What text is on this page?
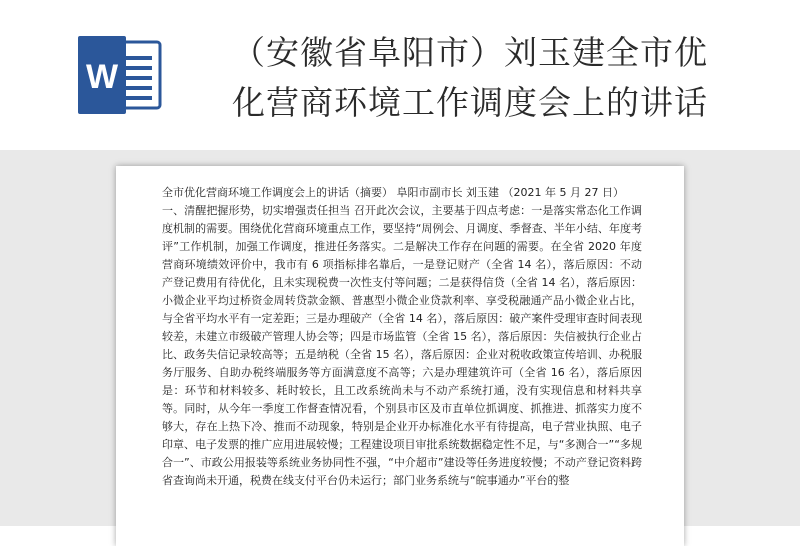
W
（安徽省阜阳市）刘玉建全市优
化营商环境工作调度会上的讲话

全市优化营商环境工作调度会上的讲话（摘要） 阜阳市副市长 刘玉建 （2021 年 5 月 27 日）

一、清醒把握形势，切实增强责任担当 召开此次会议，主要基于四点考虑：一是落实常态化工作调度机制的需要。围绕优化营商环境重点工作，要坚持“周例会、月调度、季督查、半年小结、年度考评”工作机制，加强工作调度，推进任务落实。二是解决工作存在问题的需要。在全省 2020 年度营商环境绩效评价中，我市有 6 项指标排名靠后，一是登记财产（全省 14 名），落后原因：不动产登记费用有待优化，且未实现税费一次性支付等问题；二是获得信贷（全省 14 名），落后原因：小微企业平均过桥资金周转贷款金额、普惠型小微企业贷款利率、享受税融通产品小微企业占比，与全省平均水平有一定差距；三是办理破产（全省 14 名），落后原因：破产案件受理审查时间表现较差，未建立市级破产管理人协会等；四是市场监管（全省 15 名），落后原因：失信被执行企业占比、政务失信记录较高等；五是纳税（全省 15 名），落后原因：企业对税收政策宣传培训、办税服务厅服务、自助办税终端服务等方面满意度不高等；六是办理建筑许可（全省 16 名），落后原因是：环节和材料较多、耗时较长，且工改系统尚未与不动产系统打通，没有实现信息和材料共享等。同时，从今年一季度工作督查情况看，个别县市区及市直单位抓调度、抓推进、抓落实力度不够大，存在上热下冷、推而不动现象，特别是企业开办标准化水平有待提高，电子营业执照、电子印章、电子发票的推广应用进展较慢；工程建设项目审批系统数据稳定性不足，与“多测合一”“多规合一”、市政公用报装等系统业务协同性不强，“中介超市”建设等任务进度较慢；不动产登记资料跨省查询尚未开通，税费在线支付平台仍未运行；部门业务系统与“皖事通办”平台的整
